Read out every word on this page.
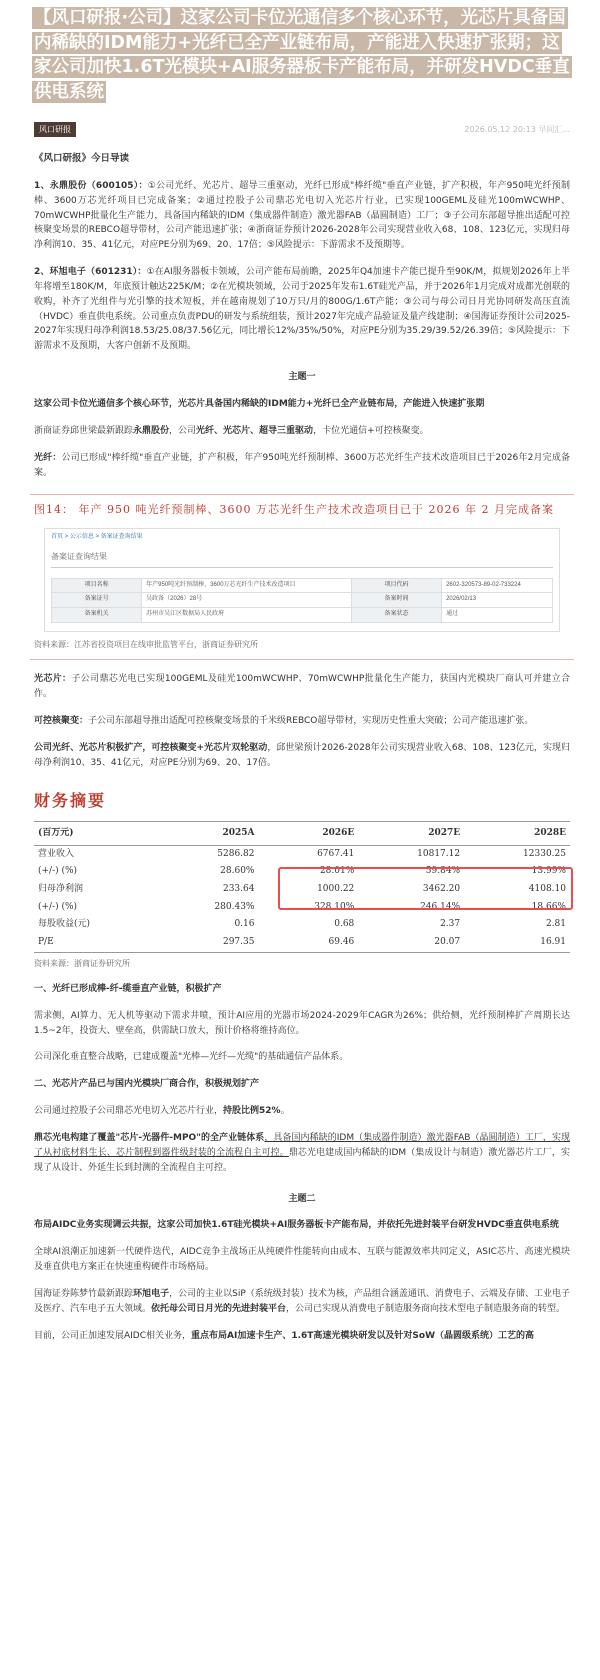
【风口研报·公司】这家公司卡位光通信多个核心环节，光芯片具备国内稀缺的IDM能力+光纤已全产业链布局，产能进入快速扩张期；这家公司加快1.6T光模块+AI服务器板卡产能布局，并研发HVDC垂直供电系统
风口研报	2026.05.12 20:13 早间汇...
《风口研报》今日导读

1、永鼎股份（600105）：①公司光纤、光芯片、超导三重驱动，光纤已形成"棒纤缆"垂直产业链，扩产积极，年产950吨光纤预制棒、3600万芯光纤项目已完成备案；②通过控股子公司鼎芯光电切入光芯片行业，已实现100GEML及硅光100mWCWHP、70mWCWHP批量化生产能力，具备国内稀缺的IDM（集成器件制造）激光器FAB（晶圆制造）工厂；③子公司东部超导推出适配可控核聚变场景的REBCO超导带材，公司产能迅速扩张；④浙商证券预计2026-2028年公司实现营业收入68、108、123亿元，实现归母净利润10、35、41亿元，对应PE分别为69、20、17倍；⑤风险提示：下游需求不及预期等。

2、环旭电子（601231）：①在AI服务器板卡领域，公司产能布局前瞻，2025年Q4加速卡产能已提升至90K/M，拟规划2026年上半年将增至180K/M，年底预计触达225K/M；②在光模块领域，公司于2025年发布1.6T硅光产品，并于2026年1月完成对成都光创联的收购，补齐了光组件与光引擎的技术短板，并在越南规划了10万只/月的800G/1.6T产能；③公司与母公司日月光协同研发高压直流（HVDC）垂直供电系统。公司重点负责PDU的研发与系统组装，预计2027年完成产品验证及量产线建制；④国海证券预计公司2025-2027年实现归母净利润18.53/25.08/37.56亿元，同比增长12%/35%/50%，对应PE分别为35.29/39.52/26.39倍；⑤风险提示：下游需求不及预期，大客户创新不及预期。

主题一

这家公司卡位光通信多个核心环节，光芯片具备国内稀缺的IDM能力+光纤已全产业链布局，产能进入快速扩张期

浙商证券邱世梁最新跟踪永鼎股份，公司光纤、光芯片、超导三重驱动，卡位光通信+可控核聚变。

光纤：公司已形成"棒纤缆"垂直产业链，扩产积极，年产950吨光纤预制棒、3600万芯光纤生产技术改造项目已于2026年2月完成备案。

图14： 年产 950 吨光纤预制棒、3600 万芯光纤生产技术改造项目已于 2026 年 2 月完成备案
首页 > 公示信息 > 备案证查询结果
备案证查询结果
项目名称	年产950吨光纤预制棒、3600万芯光纤生产技术改造项目	项目代码	2602-320573-89-02-733224
备案证号	吴政备（2026）28号	备案时间	2026/02/13
备案机关	苏州市吴江区数据局人民政府	备案状态	通过
资料来源：江苏省投资项目在线审批监管平台，浙商证券研究所

光芯片：子公司鼎芯光电已实现100GEML及硅光100mWCWHP、70mWCWHP批量化生产能力，获国内光模块厂商认可并建立合作。

可控核聚变：子公司东部超导推出适配可控核聚变场景的千米级REBCO超导带材，实现历史性重大突破；公司产能迅速扩张。

公司光纤、光芯片积极扩产，可控核聚变+光芯片双轮驱动，邱世梁预计2026-2028年公司实现营业收入68、108、123亿元，实现归母净利润10、35、41亿元，对应PE分别为69、20、17倍。

财务摘要
(百万元)	2025A	2026E	2027E	2028E
营业收入	5286.82	6767.41	10817.12	12330.25
(+/-) (%)	28.60%	28.01%	59.84%	13.99%
归母净利润	233.64	1000.22	3462.20	4108.10
(+/-) (%)	280.43%	328.10%	246.14%	18.66%
每股收益(元)	0.16	0.68	2.37	2.81
P/E	297.35	69.46	20.07	16.91
资料来源：浙商证券研究所

一、光纤已形成棒-纤-缆垂直产业链，积极扩产

需求侧，AI算力、无人机等驱动下需求井喷，预计AI应用的光器市场2024-2029年CAGR为26%；供给侧，光纤预制棒扩产周期长达1.5~2年，投资大、壁垒高，供需缺口放大，预计价格将维持高位。

公司深化垂直整合战略，已建成覆盖"光棒—光纤—光缆"的基础通信产品体系。

二、光芯片产品已与国内光模块厂商合作，积极规划扩产

公司通过控股子公司鼎芯光电切入光芯片行业，持股比例52%。

鼎芯光电构建了覆盖"芯片-光器件-MPO"的全产业链体系，具备国内稀缺的IDM（集成器件制造）激光器FAB（晶圆制造）工厂，实现了从衬底材料生长、芯片制程到器件级封装的全流程自主可控。鼎芯光电建成国内稀缺的IDM（集成设计与制造）激光器芯片工厂，实现了从设计、外延生长到封测的全流程自主可控。

主题二

布局AIDC业务实现调云共振，这家公司加快1.6T硅光模块+AI服务器板卡产能布局，并依托先进封装平台研发HVDC垂直供电系统

全球AI浪潮正加速新一代硬件迭代，AIDC竞争主战场正从纯硬件性能转向由成本、互联与能源效率共同定义，ASIC芯片、高速光模块及垂直供电方案正在快速重构硬件市场格局。

国海证券陈梦竹最新跟踪环旭电子，公司的主业以SiP（系统级封装）技术为核，产品组合涵盖通讯、消费电子、云端及存储、工业电子及医疗、汽车电子五大领域。依托母公司日月光的先进封装平台，公司已实现从消费电子制造服务商向技术型电子制造服务商的转型。

目前，公司正加速发展AIDC相关业务，重点布局AI加速卡生产、1.6T高速光模块研发以及针对SoW（晶圆级系统）工艺的高
